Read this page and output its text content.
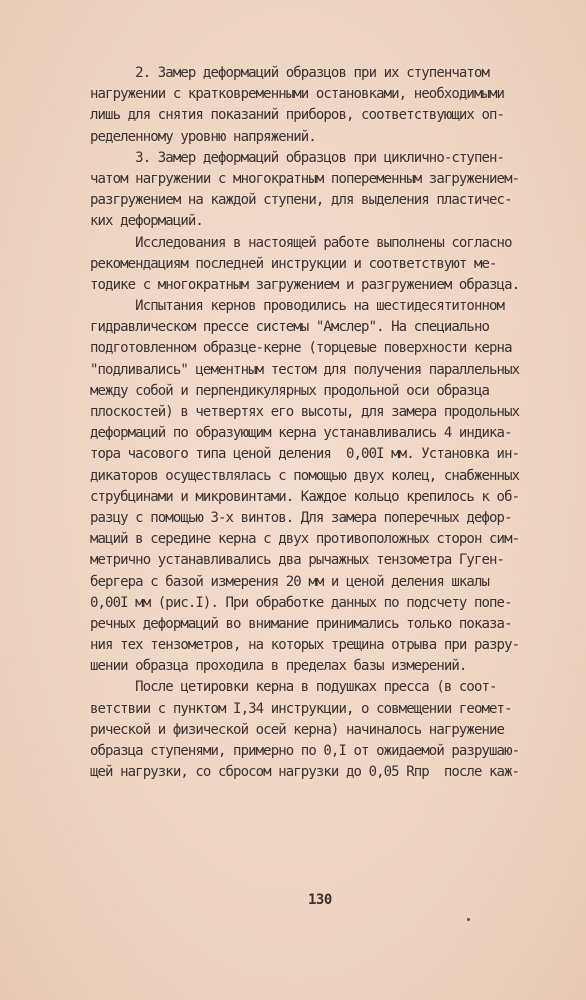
2. Замер деформаций образцов при их ступенчатом
нагружении с кратковременными остановками, необходимыми
лишь для снятия показаний приборов, соответствующих оп-
ределенному уровню напряжений.
3. Замер деформаций образцов при циклично-ступен-
чатом нагружении с многократным попеременным загружением-
разгружением на каждой ступени, для выделения пластичес-
ких деформаций.
Исследования в настоящей работе выполнены согласно
рекомендациям последней инструкции и соответствуют ме-
тодике с многократным загружением и разгружением образца.
Испытания кернов проводились на шестидесятитонном
гидравлическом прессе системы "Амслер". На специально
подготовленном образце-керне (торцевые поверхности керна
"подливались" цементным тестом для получения параллельных
между собой и перпендикулярных продольной оси образца
плоскостей) в четвертях его высоты, для замера продольных
деформаций по образующим керна устанавливались 4 индика-
тора часового типа ценой деления  0,00I мм. Установка ин-
дикаторов осуществлялась с помощью двух колец, снабженных
струбцинами и микровинтами. Каждое кольцо крепилось к об-
разцу с помощью 3-х винтов. Для замера поперечных дефор-
маций в середине керна с двух противоположных сторон сим-
метрично устанавливались два рычажных тензометра Гуген-
бергера с базой измерения 20 мм и ценой деления шкалы
0,00I мм (рис.I). При обработке данных по подсчету попе-
речных деформаций во внимание принимались только показа-
ния тех тензометров, на которых трещина отрыва при разру-
шении образца проходила в пределах базы измерений.
После цетировки керна в подушках пресса (в соот-
ветствии с пунктом I,34 инструкции, о совмещении геомет-
рической и физической осей керна) начиналось нагружение
образца ступенями, примерно по 0,I от ожидаемой разрушаю-
щей нагрузки, со сбросом нагрузки до 0,05 Rпр  после каж-
130
